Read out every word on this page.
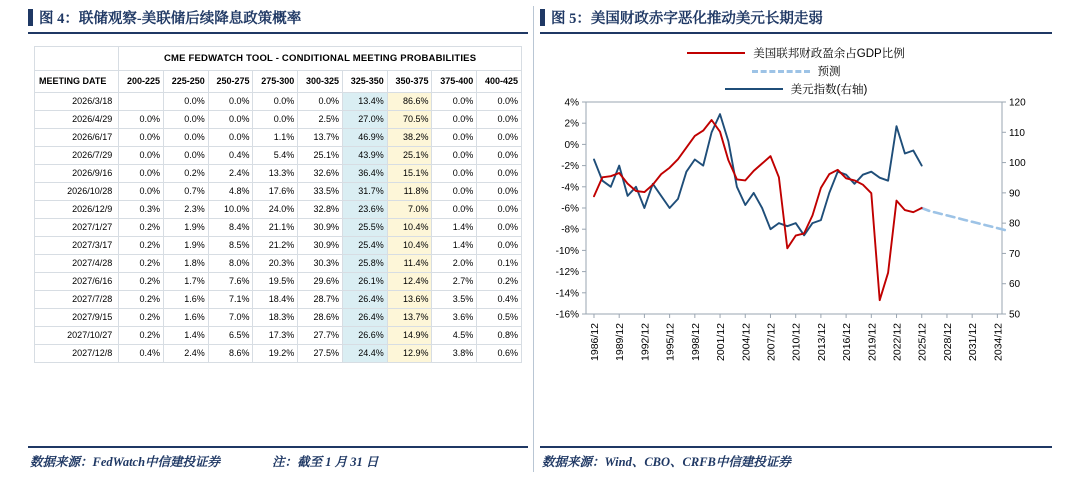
图 4：联储观察-美联储后续降息政策概率
	CME FEDWATCH TOOL - CONDITIONAL MEETING PROBABILITIES								
MEETING DATE	200-225	225-250	250-275	275-300	300-325	325-350	350-375	375-400	400-425
2026/3/18		0.0%	0.0%	0.0%	0.0%	13.4%	86.6%	0.0%	0.0%
2026/4/29	0.0%	0.0%	0.0%	0.0%	2.5%	27.0%	70.5%	0.0%	0.0%
2026/6/17	0.0%	0.0%	0.0%	1.1%	13.7%	46.9%	38.2%	0.0%	0.0%
2026/7/29	0.0%	0.0%	0.4%	5.4%	25.1%	43.9%	25.1%	0.0%	0.0%
2026/9/16	0.0%	0.2%	2.4%	13.3%	32.6%	36.4%	15.1%	0.0%	0.0%
2026/10/28	0.0%	0.7%	4.8%	17.6%	33.5%	31.7%	11.8%	0.0%	0.0%
2026/12/9	0.3%	2.3%	10.0%	24.0%	32.8%	23.6%	7.0%	0.0%	0.0%
2027/1/27	0.2%	1.9%	8.4%	21.1%	30.9%	25.5%	10.4%	1.4%	0.0%
2027/3/17	0.2%	1.9%	8.5%	21.2%	30.9%	25.4%	10.4%	1.4%	0.0%
2027/4/28	0.2%	1.8%	8.0%	20.3%	30.3%	25.8%	11.4%	2.0%	0.1%
2027/6/16	0.2%	1.7%	7.6%	19.5%	29.6%	26.1%	12.4%	2.7%	0.2%
2027/7/28	0.2%	1.6%	7.1%	18.4%	28.7%	26.4%	13.6%	3.5%	0.4%
2027/9/15	0.2%	1.6%	7.0%	18.3%	28.6%	26.4%	13.7%	3.6%	0.5%
2027/10/27	0.2%	1.4%	6.5%	17.3%	27.7%	26.6%	14.9%	4.5%	0.8%
2027/12/8	0.4%	2.4%	8.6%	19.2%	27.5%	24.4%	12.9%	3.8%	0.6%
图 5：美国财政赤字恶化推动美元长期走弱
美国联邦财政盈余占GDP比例
预测
美元指数(右轴)
4%
2%
0%
-2%
-4%
-6%
-8%
-10%
-12%
-14%
-16%
120
110
100
90
80
70
60
50
1986/12 1989/12 1992/12 1995/12 1998/12 2001/12 2004/12 2007/12 2010/12 2013/12 2016/12 2019/12 2022/12 2025/12 2028/12 2031/12 2034/12
数据来源：FedWatch中信建投证券	注：截至 1 月 31 日	数据来源：Wind、CBO、CRFB中信建投证券
